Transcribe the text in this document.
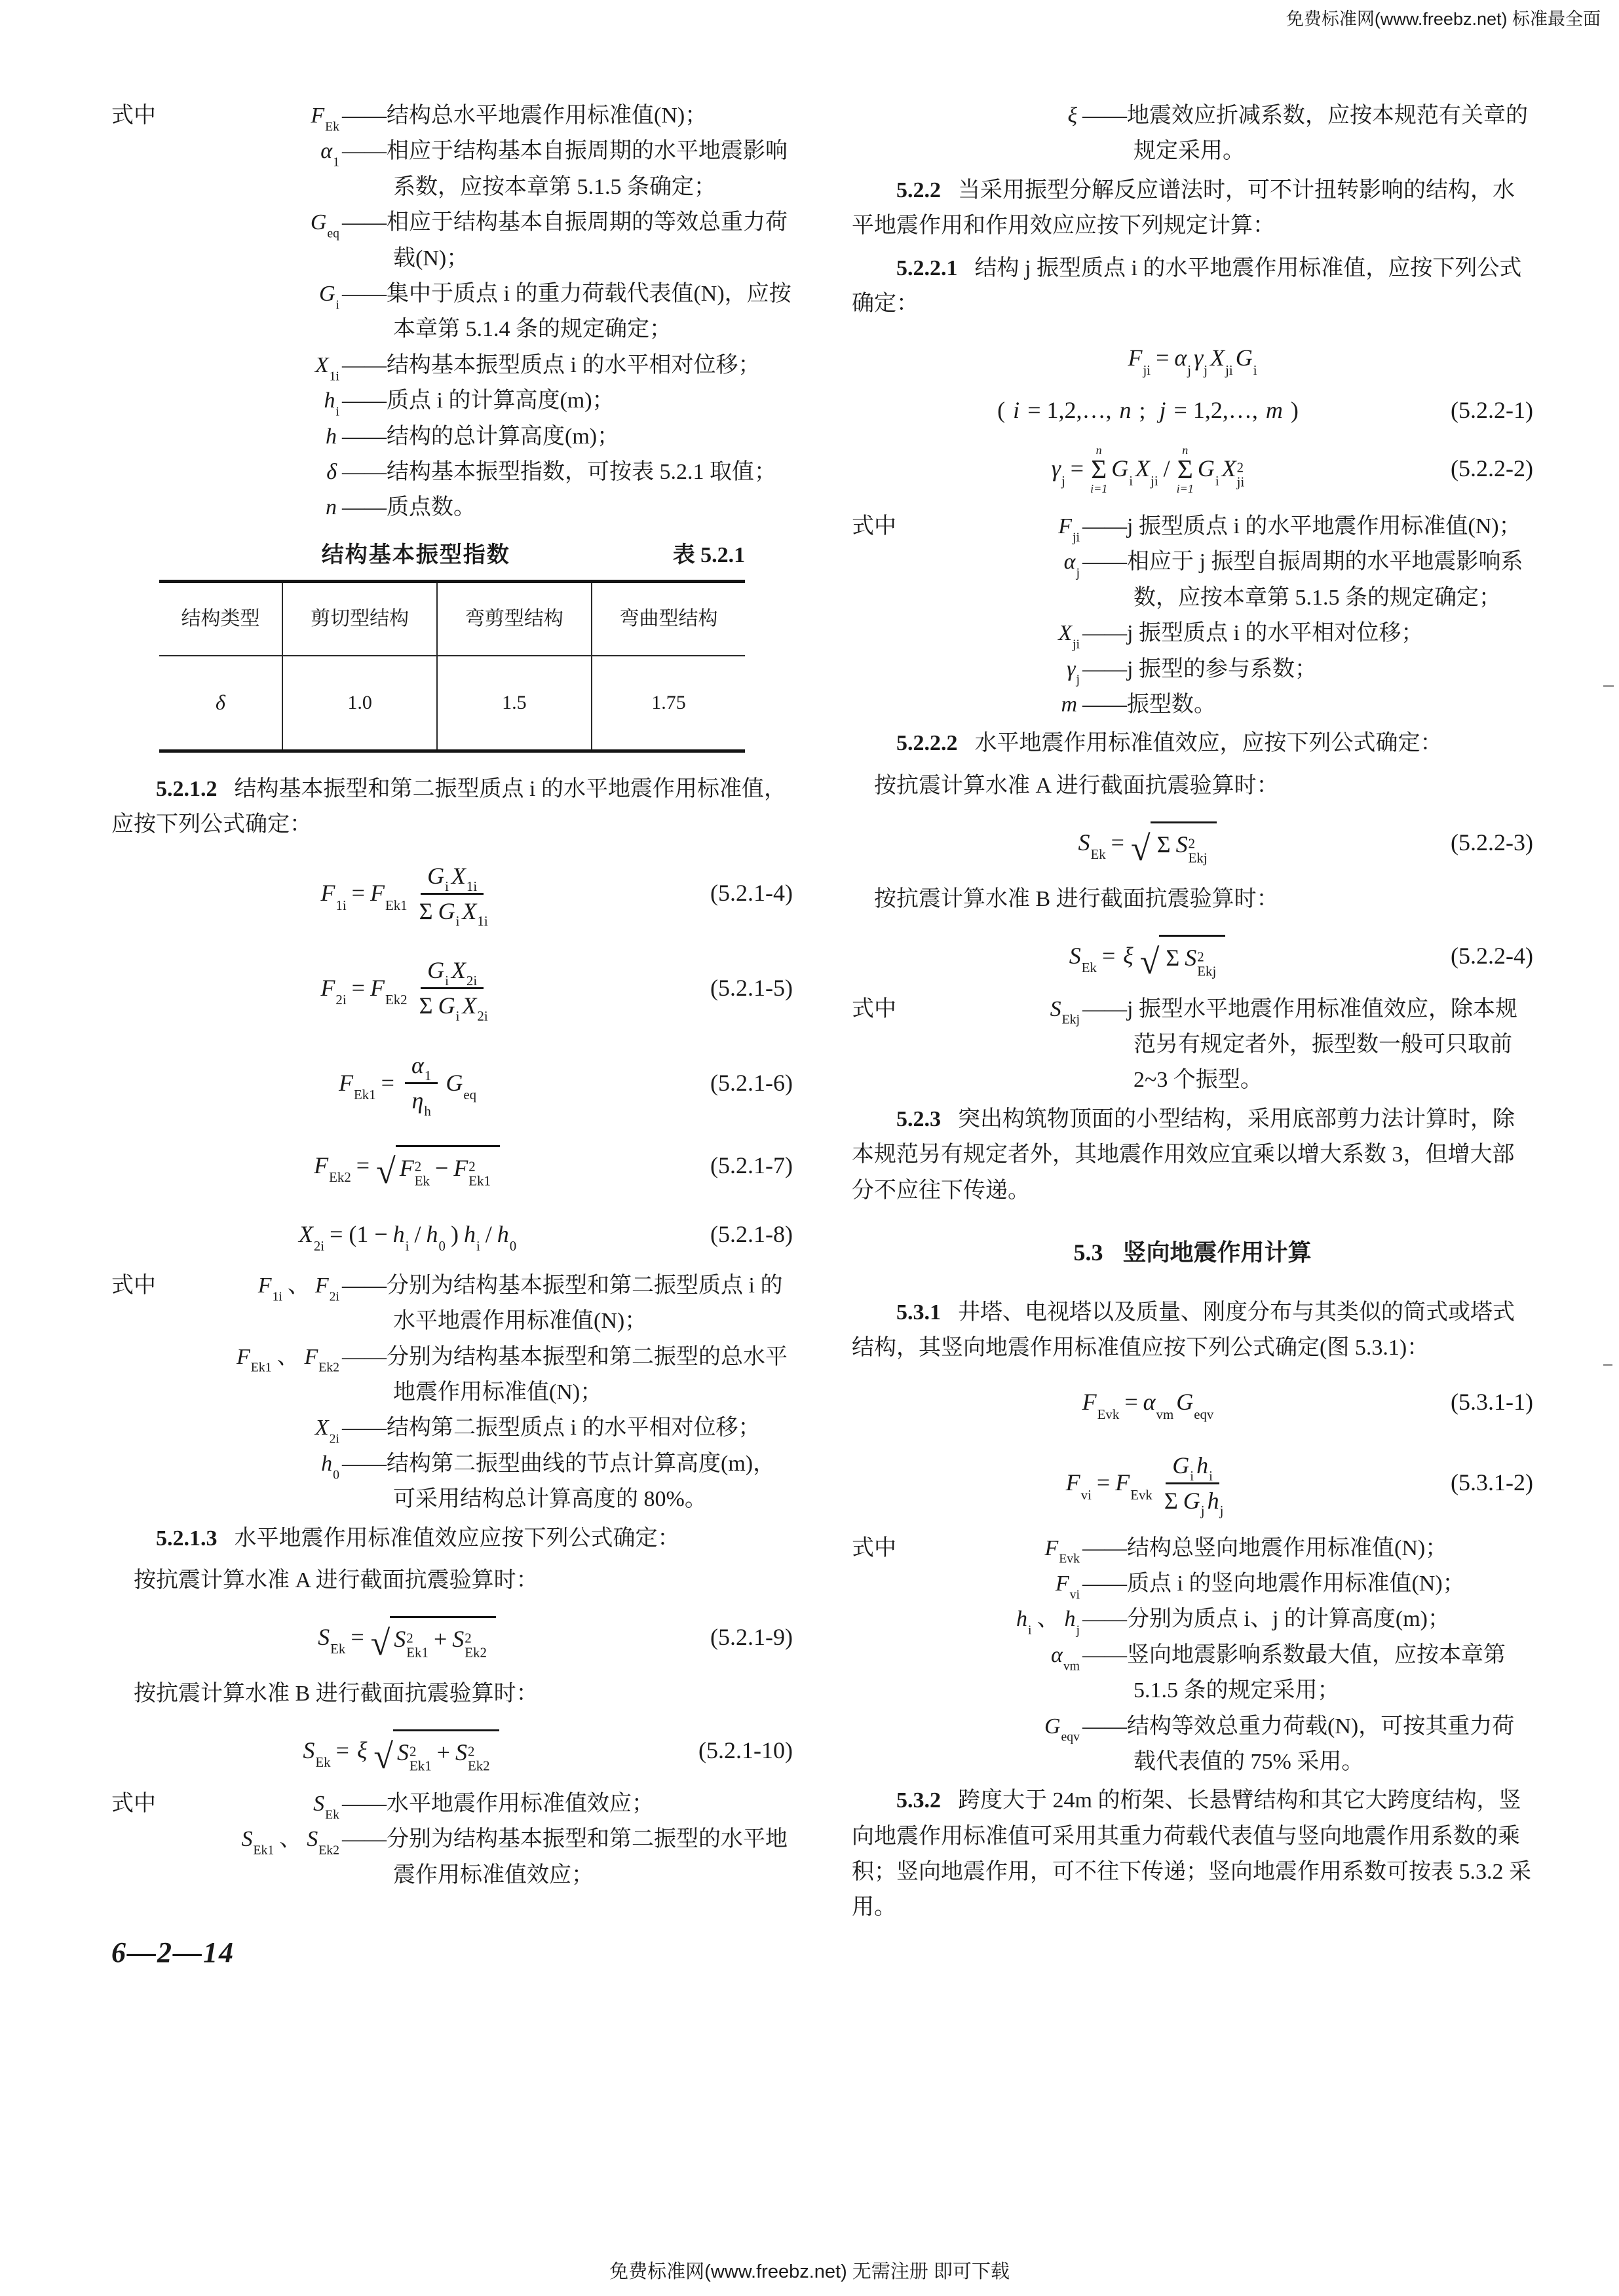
免费标准网(www.freebz.net) 标准最全面
式中	F Ek ——结构总水平地震作用标准值(N)；
α 1 ——相应于结构基本自振周期的水平地震影响系数，应按本章第 5.1.5 条确定；
G eq ——相应于结构基本自振周期的等效总重力荷载(N)；
G i ——集中于质点 i 的重力荷载代表值(N)，应按本章第 5.1.4 条的规定确定；
X 1i ——结构基本振型质点 i 的水平相对位移；
h i ——质点 i 的计算高度(m)；
h ——结构的总计算高度(m)；
δ ——结构基本振型指数，可按表 5.2.1 取值；
n ——质点数。
结构基本振型指数	表 5.2.1
结构类型	剪切型结构	弯剪型结构	弯曲型结构
δ	1.0	1.5	1.75
5.2.1.2 结构基本振型和第二振型质点 i 的水平地震作用标准值，应按下列公式确定：
F 1i = F $Ek1 \frac{\text{G i X 1i}}{\text{Σ G i X 1i}}$	(5.2.1-4)
F 2i = F $Ek2 \frac{\text{G i X 2i}}{\text{Σ G i X 2i}}$	(5.2.1-5)
F $Ek1 = \frac{\alpha 1}{\text{η h}}$ G eq	(5.2.1-6)
F Ek2 = √ F 2
Ek
− F 2
Ek1
(5.2.1-7)
X 2i = (1 − h i / h 0 ) h i / h 0	(5.2.1-8)
式中	F 1i 、 F 2i ——分别为结构基本振型和第二振型质点 i 的水平地震作用标准值(N)；
F Ek1 、 F Ek2 ——分别为结构基本振型和第二振型的总水平地震作用标准值(N)；
X 2i ——结构第二振型质点 i 的水平相对位移；
h 0 ——结构第二振型曲线的节点计算高度(m)，可采用结构总计算高度的 80%。
5.2.1.3 水平地震作用标准值效应应按下列公式确定：
按抗震计算水准 A 进行截面抗震验算时：
S Ek = √ S 2
Ek1
+ S 2
Ek2
(5.2.1-9)
按抗震计算水准 B 进行截面抗震验算时：
S Ek = ξ √ S 2
Ek1
+ S 2
Ek2
(5.2.1-10)
式中	S Ek ——水平地震作用标准值效应；
S Ek1 、 S Ek2 ——分别为结构基本振型和第二振型的水平地震作用标准值效应；
6—2—14
ξ ——地震效应折减系数，应按本规范有关章的规定采用。
5.2.2 当采用振型分解反应谱法时，可不计扭转影响的结构，水平地震作用和作用效应应按下列规定计算：
5.2.2.1 结构 j 振型质点 i 的水平地震作用标准值，应按下列公式确定：
F ji = α j γ j X ji G i
( i = 1,2,…, n ; j = 1,2,…, m )	(5.2.2-1)
γ j =
n
Σ
i=1
G i X ji /
n
Σ
i=1
G i X 2
ji
(5.2.2-2)
式中	F ji ——j 振型质点 i 的水平地震作用标准值(N)；
α j ——相应于 j 振型自振周期的水平地震影响系数，应按本章第 5.1.5 条的规定确定；
X ji ——j 振型质点 i 的水平相对位移；
γ j ——j 振型的参与系数；
m ——振型数。
5.2.2.2 水平地震作用标准值效应，应按下列公式确定：
按抗震计算水准 A 进行截面抗震验算时：
S Ek = √ Σ S 2
Ekj
(5.2.2-3)
按抗震计算水准 B 进行截面抗震验算时：
S Ek = ξ √ Σ S 2
Ekj
(5.2.2-4)
式中	S Ekj ——j 振型水平地震作用标准值效应，除本规范另有规定者外，振型数一般可只取前 2~3 个振型。
5.2.3 突出构筑物顶面的小型结构，采用底部剪力法计算时，除本规范另有规定者外，其地震作用效应宜乘以增大系数 3，但增大部分不应往下传递。
5.3 竖向地震作用计算
5.3.1 井塔、电视塔以及质量、刚度分布与其类似的筒式或塔式结构，其竖向地震作用标准值应按下列公式确定(图 5.3.1)：
F Evk = α vm G eqv	(5.3.1-1)
F vi = F Evk $\frac{\text{G i h i}}{\text{Σ G j h j}}$	(5.3.1-2)
式中	F Evk ——结构总竖向地震作用标准值(N)；
F vi ——质点 i 的竖向地震作用标准值(N)；
h i 、 h j ——分别为质点 i、j 的计算高度(m)；
α vm ——竖向地震影响系数最大值，应按本章第 5.1.5 条的规定采用；
G eqv ——结构等效总重力荷载(N)，可按其重力荷载代表值的 75% 采用。
5.3.2 跨度大于 24m 的桁架、长悬臂结构和其它大跨度结构，竖向地震作用标准值可采用其重力荷载代表值与竖向地震作用系数的乘积；竖向地震作用，可不往下传递；竖向地震作用系数可按表 5.3.2 采用。
免费标准网(www.freebz.net) 无需注册 即可下载
